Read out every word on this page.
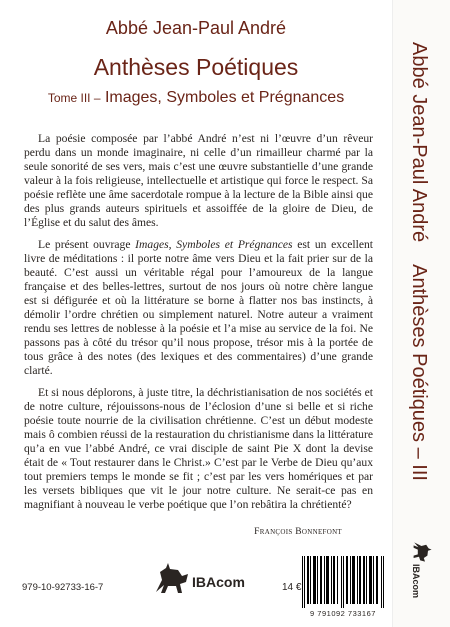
Abbé Jean-Paul André
Anthèses Poétiques
Tome III – Images, Symboles et Prégnances

La poésie composée par l’abbé André n’est ni l’œuvre d’un rêveur perdu dans un monde imaginaire, ni celle d’un rimailleur charmé par la seule sonorité de ses vers, mais c’est une œuvre substantielle d’une grande valeur à la fois religieuse, intellectuelle et artistique qui force le respect. Sa poésie reflète une âme sacerdotale rompue à la lecture de la Bible ainsi que des plus grands auteurs spirituels et assoiffée de la gloire de Dieu, de l’Église et du salut des âmes.

Le présent ouvrage Images, Symboles et Prégnances est un excellent livre de méditations : il porte notre âme vers Dieu et la fait prier sur de la beauté. C’est aussi un véritable régal pour l’amoureux de la langue française et des belles-lettres, surtout de nos jours où notre chère langue est si défigurée et où la littérature se borne à flatter nos bas instincts, à démolir l’ordre chrétien ou simplement naturel. Notre auteur a vraiment rendu ses lettres de noblesse à la poésie et l’a mise au service de la foi. Ne passons pas à côté du trésor qu’il nous propose, trésor mis à la portée de tous grâce à des notes (des lexiques et des commentaires) d’une grande clarté.

Et si nous déplorons, à juste titre, la déchristianisation de nos sociétés et de notre culture, réjouissons-nous de l’éclosion d’une si belle et si riche poésie toute nourrie de la civilisation chrétienne. C’est un début modeste mais ô combien réussi de la restauration du christianisme dans la littérature qu’a en vue l’abbé André, ce vrai disciple de saint Pie X dont la devise était de « Tout restaurer dans le Christ.» C’est par le Verbe de Dieu qu’aux tout premiers temps le monde se fit ; c’est par les vers homériques et par les versets bibliques que vit le jour notre culture. Ne serait-ce pas en magnifiant à nouveau le verbe poétique que l’on rebâtira la chrétienté?

François Bonnefont
979-10-92733-16-7	IBAcom	14 €
9 791092 733167
Abbé Jean-Paul AndréAnthèses Poétiques – III
IBAcom
